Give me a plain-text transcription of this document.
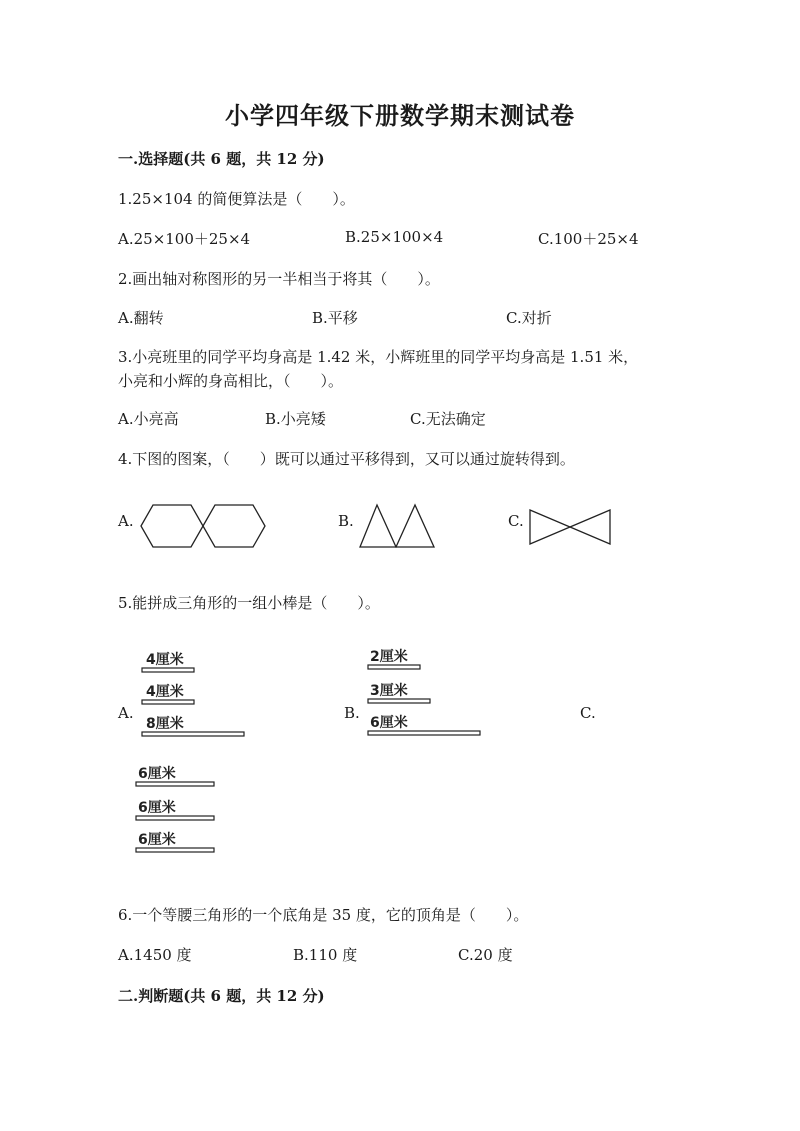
小学四年级下册数学期末测试卷
一.选择题(共 6 题，共 12 分)
1.25×104 的简便算法是（　　）。
A.25×100＋25×4	B.25×100×4	C.100＋25×4
2.画出轴对称图形的另一半相当于将其（　　）。
A.翻转	B.平移	C.对折
3.小亮班里的同学平均身高是 1.42 米，小辉班里的同学平均身高是 1.51 米，
小亮和小辉的身高相比，（　　）。
A.小亮高	B.小亮矮	C.无法确定
4.下图的图案，（　　）既可以通过平移得到，又可以通过旋转得到。
A.	B.	C.
5.能拼成三角形的一组小棒是（　　）。
A.	B.	C.
4厘米
4厘米
8厘米
2厘米
3厘米
6厘米
6厘米
6厘米
6厘米
6.一个等腰三角形的一个底角是 35 度，它的顶角是（　　）。
A.1450 度	B.110 度	C.20 度
二.判断题(共 6 题，共 12 分)
